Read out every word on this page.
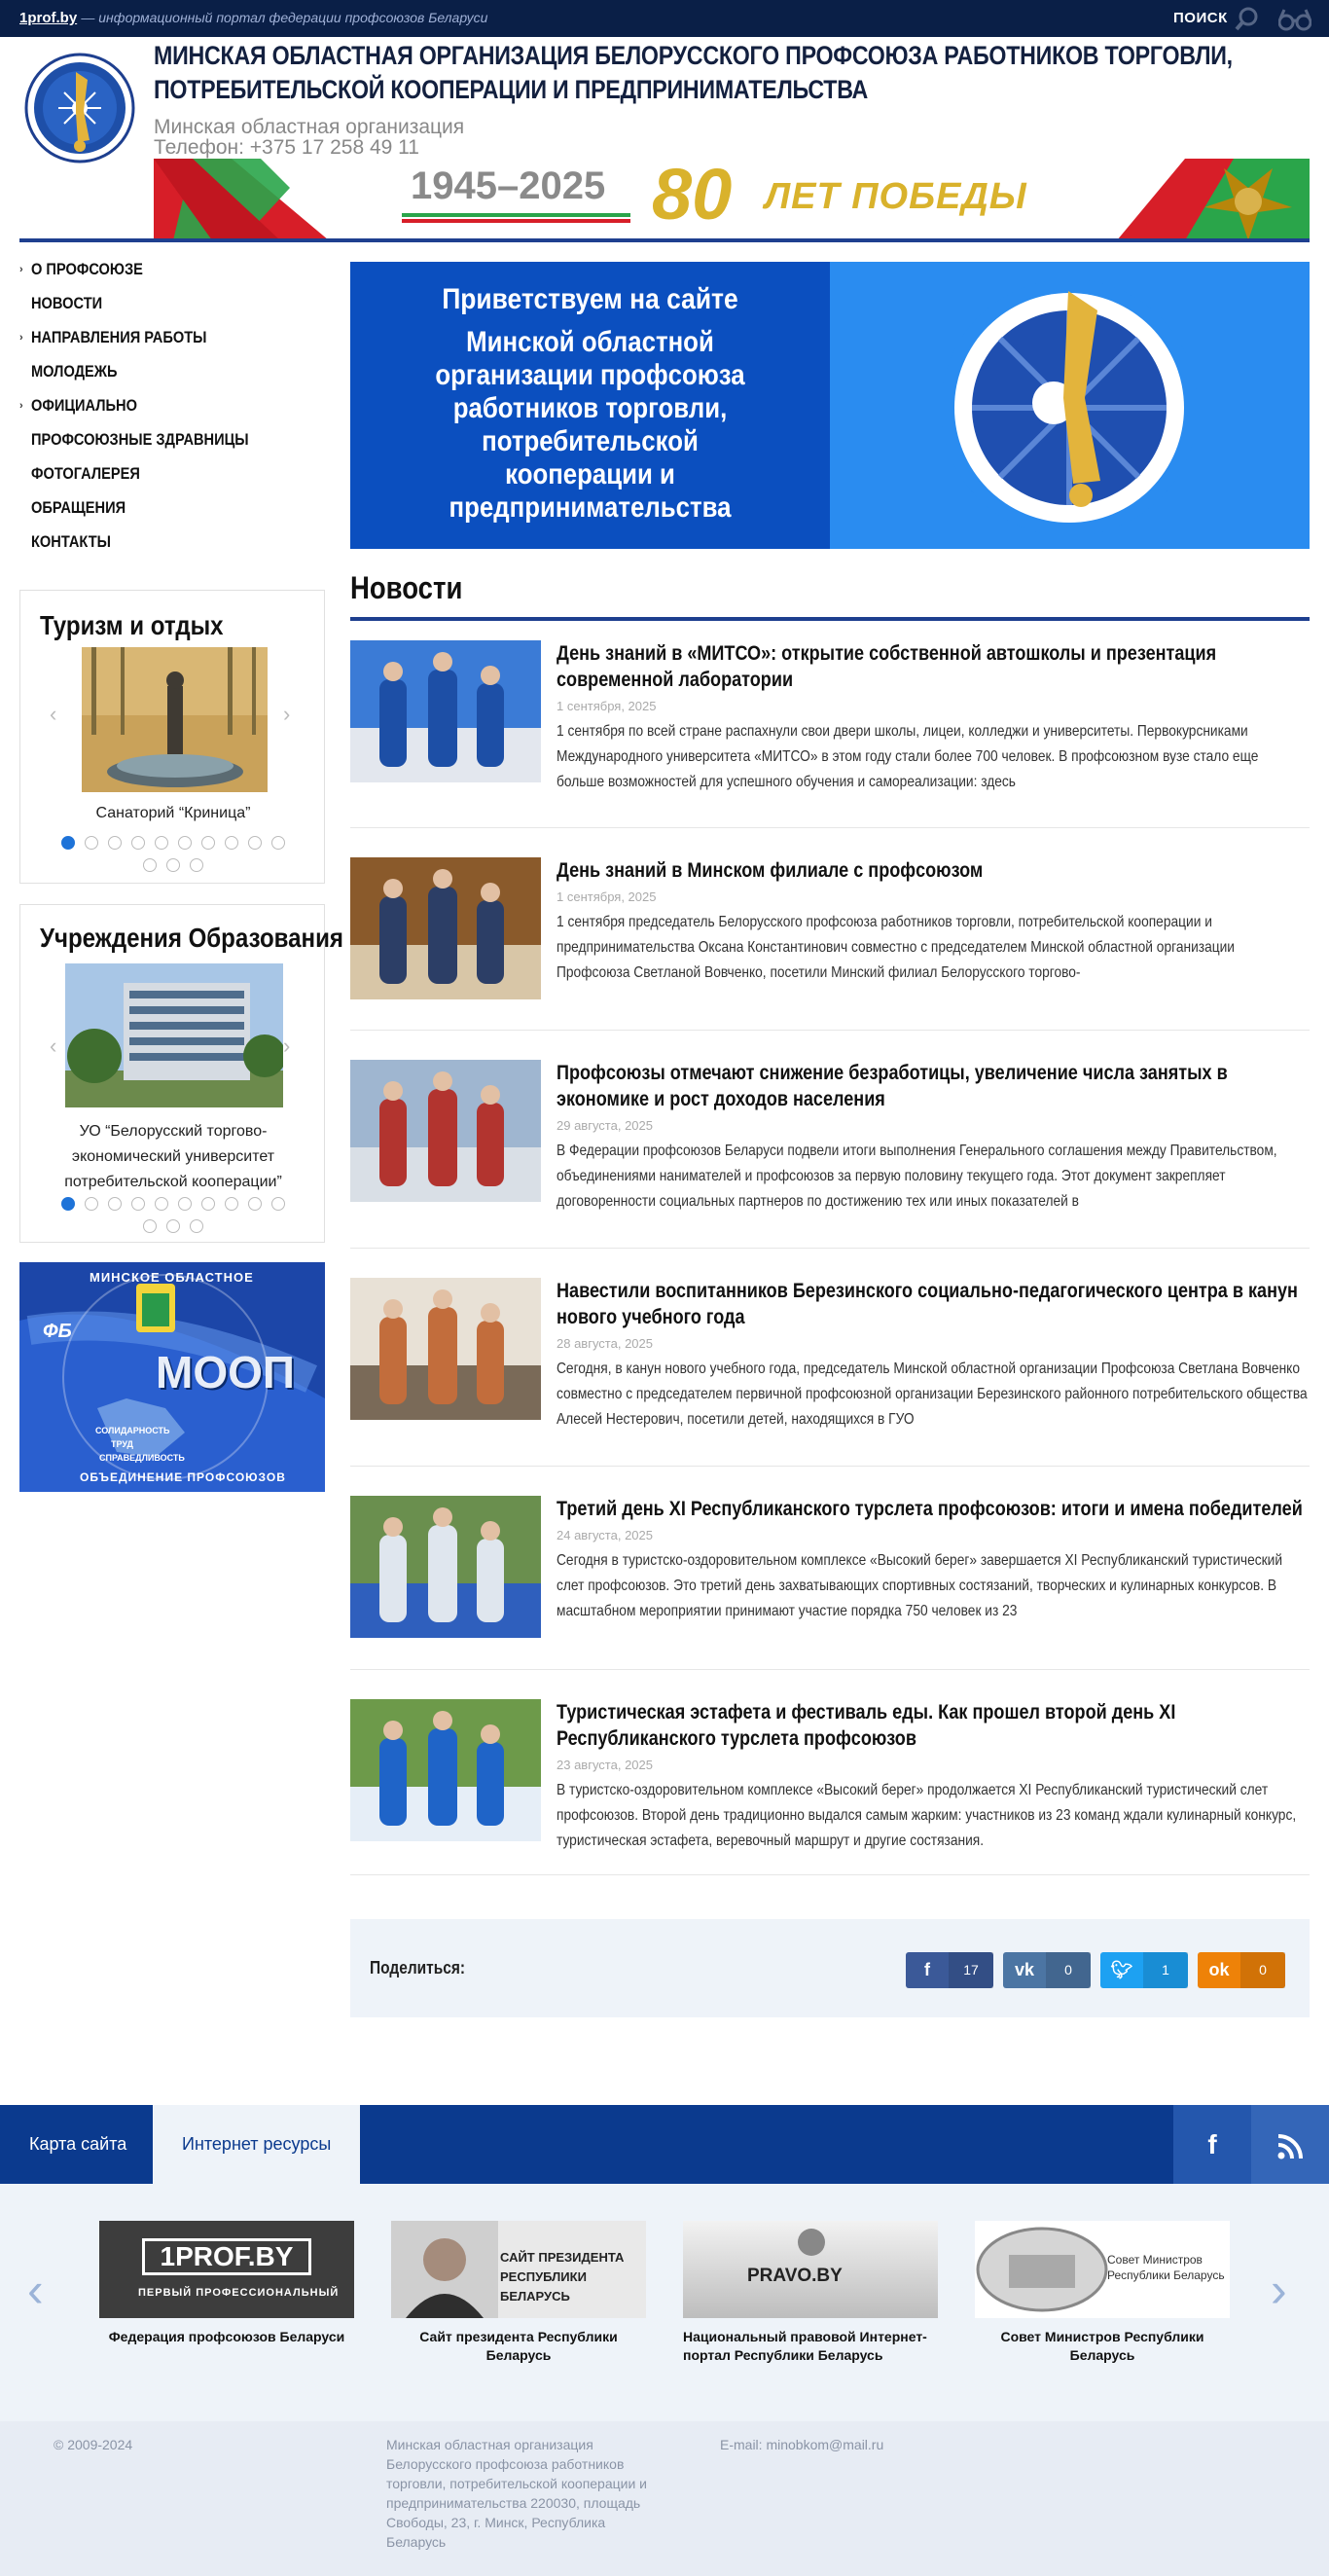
1prof.by — информационный портал федерации профсоюзов Беларуси	ПОИСК
МИНСКАЯ ОБЛАСТНАЯ ОРГАНИЗАЦИЯ БЕЛОРУССКОГО ПРОФСОЮЗА РАБОТНИКОВ ТОРГОВЛИ,
ПОТРЕБИТЕЛЬСКОЙ КООПЕРАЦИИ И ПРЕДПРИНИМАТЕЛЬСТВА
Минская областная организация
Телефон: +375 17 258 49 11
1945–2025 80 ЛЕТ ПОБЕДЫ
› О ПРОФСОЮЗЕ
НОВОСТИ
› НАПРАВЛЕНИЯ РАБОТЫ
МОЛОДЕЖЬ
› ОФИЦИАЛЬНО
ПРОФСОЮЗНЫЕ ЗДРАВНИЦЫ
ФОТОГАЛЕРЕЯ
ОБРАЩЕНИЯ
КОНТАКТЫ
Туризм и отдых
‹	›
Санаторий “Криница”
Учреждения Образования
‹	›
УО “Белорусский торгово-экономический университет потребительской кооперации”
МИНСКОЕ ОБЛАСТНОЕ
ФБ
МООП
СОЛИДАРНОСТЬ
ТРУД
СПРАВЕДЛИВОСТЬ
ОБЪЕДИНЕНИЕ ПРОФСОЮЗОВ
Приветствуем на сайте
Минской областной организации профсоюза работников торговли, потребительской кооперации и предпринимательства
Новости
День знаний в «МИТСО»: открытие собственной автошколы и презентация современной лаборатории
1 сентября, 2025
1 сентября по всей стране распахнули свои двери школы, лицеи, колледжи и университеты. Первокурсниками Международного университета «МИТСО» в этом году стали более 700 человек. В профсоюзном вузе стало еще больше возможностей для успешного обучения и самореализации: здесь
День знаний в Минском филиале с профсоюзом
1 сентября, 2025
1 сентября председатель Белорусского профсоюза работников торговли, потребительской кооперации и предпринимательства Оксана Константинович совместно с председателем Минской областной организации Профсоюза Светланой Вовченко, посетили Минский филиал Белорусского торгово-
Профсоюзы отмечают снижение безработицы, увеличение числа занятых в экономике и рост доходов населения
29 августа, 2025
В Федерации профсоюзов Беларуси подвели итоги выполнения Генерального соглашения между Правительством, объединениями нанимателей и профсоюзов за первую половину текущего года. Этот документ закрепляет договоренности социальных партнеров по достижению тех или иных показателей в
Навестили воспитанников Березинского социально-педагогического центра в канун нового учебного года
28 августа, 2025
Сегодня, в канун нового учебного года, председатель Минской областной организации Профсоюза Светлана Вовченко совместно с председателем первичной профсоюзной организации Березинского районного потребительского общества Алесей Нестерович, посетили детей, находящихся в ГУО
Третий день XI Республиканского турслета профсоюзов: итоги и имена победителей
24 августа, 2025
Сегодня в туристско-оздоровительном комплексе «Высокий берег» завершается XI Республиканский туристический слет профсоюзов. Это третий день захватывающих спортивных состязаний, творческих и кулинарных конкурсов. В масштабном мероприятии принимают участие порядка 750 человек из 23
Туристическая эстафета и фестиваль еды. Как прошел второй день XI Республиканского турслета профсоюзов
23 августа, 2025
В туристско-оздоровительном комплексе «Высокий берег» продолжается XI Республиканский туристический слет профсоюзов. Второй день традиционно выдался самым жарким: участников из 23 команд ждали кулинарный конкурс, туристическая эстафета, веревочный маршрут и другие состязания.
Поделиться:	f	17	vk	0	🐦︎	1	ok	0
Карта сайта	Интернет ресурсы	f
‹	›
1PROF.BY
ПЕРВЫЙ ПРОФЕССИОНАЛЬНЫЙ
САЙТ ПРЕЗИДЕНТА РЕСПУБЛИКИ БЕЛАРУСЬ
PRAVO.BY
Совет Министров Республики Беларусь
Федерация профсоюзов Беларуси	Сайт президента Республики Беларусь
Национальный правовой Интернет-портал Республики Беларусь
Совет Министров Республики Беларусь
© 2009-2024	Минская областная организация Белорусского профсоюза работников торговли, потребительской кооперации и предпринимательства 220030, площадь Свободы, 23, г. Минск, Республика Беларусь
E-mail: minobkom@mail.ru
